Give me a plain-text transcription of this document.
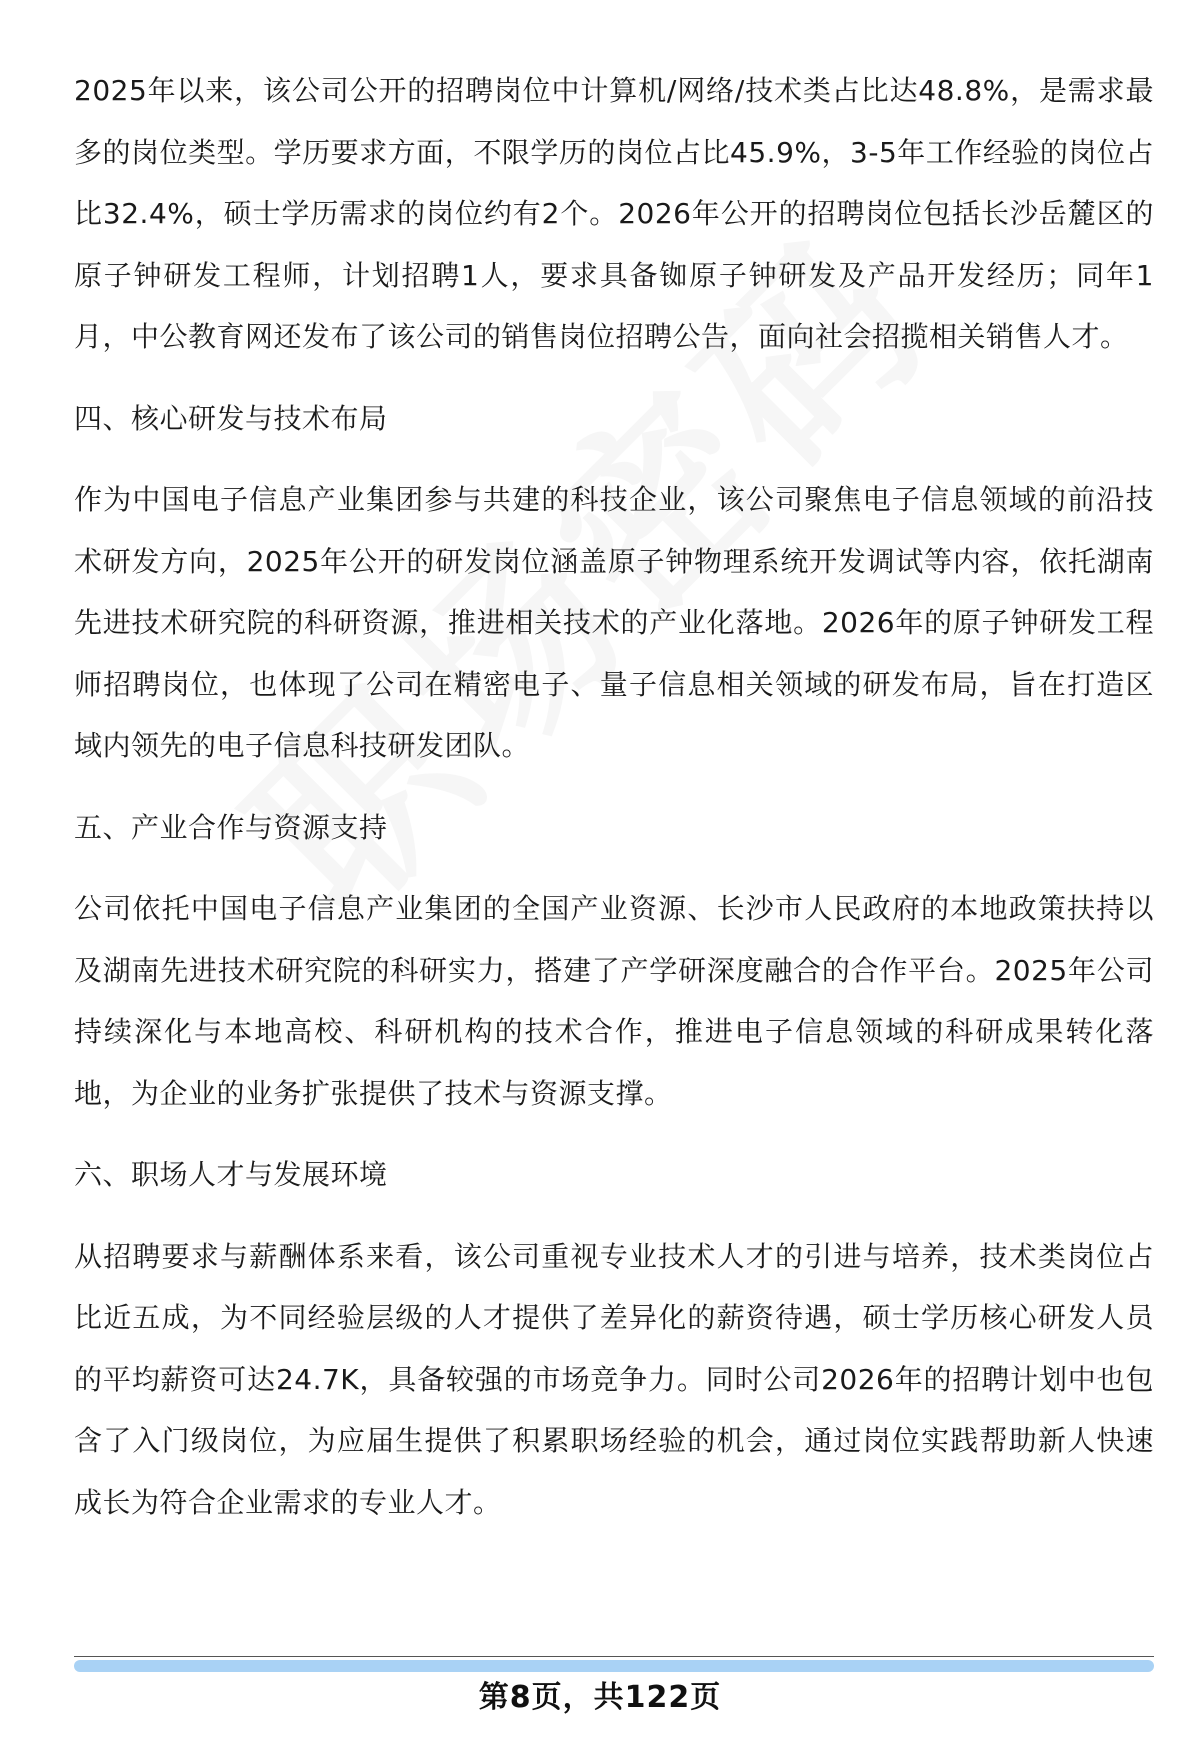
2025年以来，该公司公开的招聘岗位中计算机/网络/技术类占比达48.8%，是需求最多的岗位类型。学历要求方面，不限学历的岗位占比45.9%，3-5年工作经验的岗位占比32.4%，硕士学历需求的岗位约有2个。2026年公开的招聘岗位包括长沙岳麓区的原子钟研发工程师，计划招聘1人，要求具备铷原子钟研发及产品开发经历；同年1月，中公教育网还发布了该公司的销售岗位招聘公告，面向社会招揽相关销售人才。

四、核心研发与技术布局

作为中国电子信息产业集团参与共建的科技企业，该公司聚焦电子信息领域的前沿技术研发方向，2025年公开的研发岗位涵盖原子钟物理系统开发调试等内容，依托湖南先进技术研究院的科研资源，推进相关技术的产业化落地。2026年的原子钟研发工程师招聘岗位，也体现了公司在精密电子、量子信息相关领域的研发布局，旨在打造区域内领先的电子信息科技研发团队。

五、产业合作与资源支持

公司依托中国电子信息产业集团的全国产业资源、长沙市人民政府的本地政策扶持以及湖南先进技术研究院的科研实力，搭建了产学研深度融合的合作平台。2025年公司持续深化与本地高校、科研机构的技术合作，推进电子信息领域的科研成果转化落地，为企业的业务扩张提供了技术与资源支撑。

六、职场人才与发展环境

从招聘要求与薪酬体系来看，该公司重视专业技术人才的引进与培养，技术类岗位占比近五成，为不同经验层级的人才提供了差异化的薪资待遇，硕士学历核心研发人员的平均薪资可达24.7K，具备较强的市场竞争力。同时公司2026年的招聘计划中也包含了入门级岗位，为应届生提供了积累职场经验的机会，通过岗位实践帮助新人快速成长为符合企业需求的专业人才。

第8页，共122页
